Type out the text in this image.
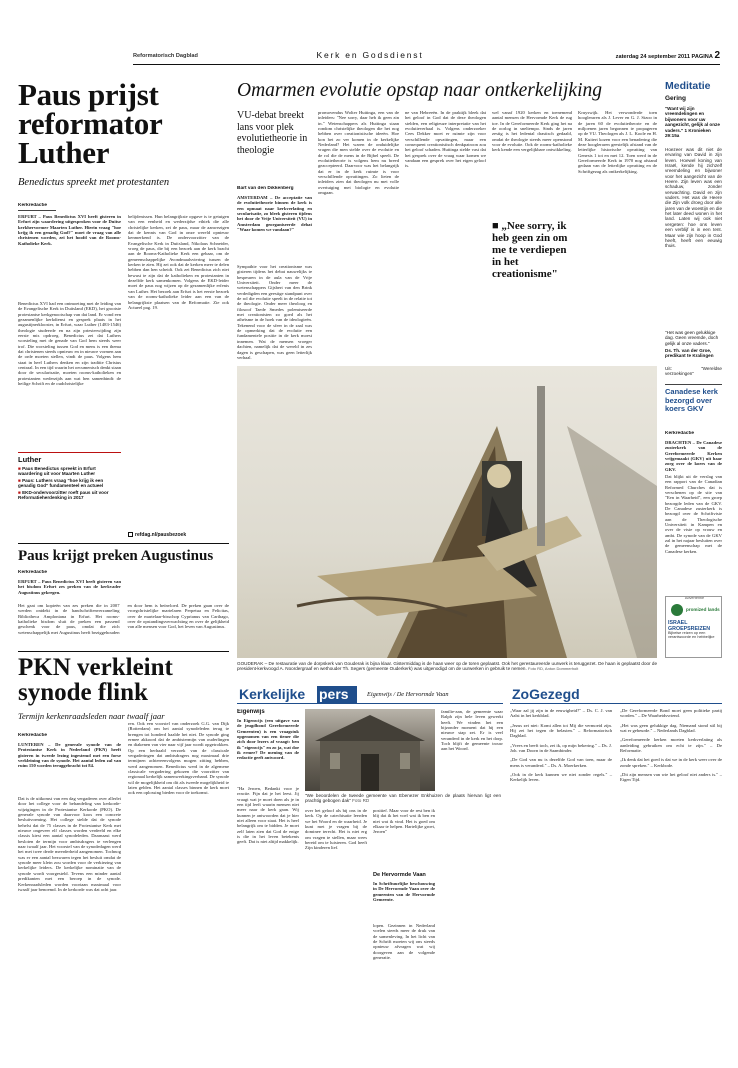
Reformatorisch Dagblad	Kerk en Godsdienst	zaterdag 24 september 2011 PAGINA 2
Paus prijst reformator Luther
Benedictus spreekt met protestanten
Kerkredactie
ERFURT – Paus Benedictus XVI heeft gisteren in Erfurt zijn waardering uitgesproken voor de Duitse kerkhervormer Maarten Luther. Hierin vraag "hoe krijg ik een genadig God?" moet de vraag van alle christenen worden, zei het hoofd van de Rooms-Katholieke Kerk.
Benedictus XVI had een ontmoeting met de leiding van de Evangelische Kerk in Duitsland (EKD), het grootste protestantse kerkgenootschap van dat land. Er vond een gezamenlijke kerkdienst en gesprek plaats in het augustijnerklooster, in Erfurt, waar Luther (1483-1546) theologie studeerde en na zijn priesterwijding zijn eerste mis opdroeg. Benedictus zei dat Luthers worsteling met de genade van God hem steeds weer trof. Die worsteling tussen God en mens is een thema dat christenen steeds opnieuw en in nieuwe vormen aan de orde moeten stellen, vindt de paus. Volgens hem staat in heel Luthers denken en zijn traditie Christus centraal. In een tijd waarin het oecumenisch denkt staan door de secularisatie, moeten rooms-katholieken en protestanten wederzijds aan wat hen samenbindt: de heilige Schrift en de oudchristelijke
belijdenissen. Hun belangrijkste opgave is te getuigen van een eenheid en wederzijdse ethiek die alle christelijke kerken, zei de paus, maar de aanwezigen dat de kennis van God in onze wereld opnieuw kenmerkend is. De ondervoorzitter van de Evangelische Kerk in Duitsland, Nikolaus Schneider, vroeg de paus, die bij een bezoek aan de kerk bracht aan de Rooms-Katholieke Kerk een gebaar, om de gemeenschappelijke Avondmaalsviering tussen de kerken te zien. Hij zei ook dat de kerken meer te delen hebben dan hen scheidt. Ook zei Benedictus zich niet bewust te zijn dat de katholieken en protestanten in dezelfde kerk samenkomen. Volgens de EKD-leider moet de paus nog wijzen op de gezamenlijke erfenis van Luther. Het bezoek aan Erfurt is het eerste bezoek van de rooms-katholieke leider aan een van de belangrijkste plaatsen van de Reformatie. Zie ook Actueel pag. 19.
Luther
■ Paus Benedictus spreekt in Erfurt waardering uit voor Maarten Luther
■ Paus: Luthers vraag "hoe krijg ik een genadig God" fundamenteel en actueel
■ EKD-ondervoorzitter roeft paus uit voor Reformatieherdenking in 2017
refdag.nl/pausbezoek
Paus krijgt preken Augustinus
Kerkredactie
ERFURT – Paus Benedictus XVI heeft gisteren van het bisdom Erfurt zes preken van de kerkvader Augustinus gekregen.
Het gaat om kopieën van zes preken die in 2007 werden ontdekt in de handschriftenverzameling Bibliotheca Amploniana in Erfurt. Het rooms-katholieke bisdom sluit de preken een passend geschenk voor de paus, omdat die zich wetenschappelijk met Augustinus heeft beziggehouden en door hem is beïnvloed. De preken gaan over de vroegchristelijke martelaren Perpetua en Felicitas, over de martelaar-bisschop Cyprianus van Carthago, over de opstandingsverwachting en over de gelijkheid van alle mensen voor God, het leven van Augustinus.
PKN verkleint synode flink
Termijn kerkenraadsleden naar twaalf jaar
Kerkredactie
LUNTEREN – De generale synode van de Protestantse Kerk in Nederland (PKN) heeft gisteren in tweede lezing ingestemd met een forse verkleining van de synode. Het aantal leden zal van ruim 150 worden teruggebracht tot 84.
Dat is de uitkomst van een dag vergaderen over allerlei door het college voor de behandeling van kerkorde-wijzigingen in de Protestantse Kerkorde (PKO). De generale synode van daarvoor koos een concrete besluitvorming. Het college stelde dat de synode behelst dat de 75 classes in de Protestantse Kerk met nieuwe ongeveer elf classes worden verdeeld en elke classis kiest een aantal synodeleden. Daarnaast werd besloten de termijn voor ambtsdragers te verlengen naar twaalf jaar. Het voorstel van de synodedagen werd het met twee derde meerderheid aangenomen. Tochnog was er een aantal bezwaren tegen het besluit omdat de synode meer klein zou worden voor de verkiezing van kerkelijke leiders. De kerkelijke nominatie van de synode wordt voorgesteld. Tevens een minder aantal predikanten met een beroep in de synode. Kerkenraadsleden worden voortaan maximaal voor twaalf jaar benoemd. In de kerkorde was dat acht jaar.
ren. Ook een voorstel van onderzoek G.G. van Dijk (Rotterdam) om het aantal synodeleden terug te brengen tot honderd haalde het niet. De synode ging ermee akkoord dat de ambtstermijn van ouderlingen en diakenen van vier naar vijf jaar wordt opgetrokken. Op een herhaald verzoek van de classicale vergaderingen dat ambtsdragers nog maximaal drie termijnen achtereenvolgens mogen zitting hebben, werd aangenomen. Benedictus werd in de algemene classicale vergadering gekozen die voorzitter van regionaal kerkelijk samenwerkingsverband. De synode wil de mogelijkheid om dit als tweede mogelijkheid te laten gelden. Het aantal classes binnen de kerk moet ook een oplossing bieden voor de toekomst.
Omarmen evolutie opstap naar ontkerkelijking
VU-debat breekt lans voor plek evolutietheorie in theologie
Bart van den Dikkenberg
AMSTERDAM – De acceptatie van de evolutietheorie binnen de kerk is een opmaat naar kerkverlating en secularisatie, zo bleek gisteren tijdens het door de Vrije Universiteit (VU) in Amsterdam georganiseerde debat "Waar komen we vandaan?"
Sympathie voor het creationisme was gisteren tijdens het debat nauwelijks te bespeuren in de aula van de Vrije Universiteit. Onder meer de wetenschappers Gijsbert van den Brink verdedigden een geestige standpunt over de rol die evolutie speelt in de relatie tot de theologie. Onder meer theoloog en filosoof Taede Smedes polemiseerde met creationisten zo goed als het atheïsme in de hoek van de ideologieën. Tekenend voor de sfeer in de zaal was de opmerking dat de evolutie een fundamentele positie in de kerk moest innemen. Wat de mensen vroeger dachten, namelijk dat de wereld in zes dagen is geschapen, was geen letterlijk verhaal.
promovendus Wolter Huttinga, een van de inleiders: "Nee sorry, daar heb ik geen zin in." Wetenschappers als Huttinga staan rondom christelijke theologen die het nog hebben over creationistische ideeën. Hoe kon het zo ver komen in de kerkelijke Nederland? Het waren de onduidelijke vragen die men stelde over de evolutie en de rol die de mens in de Bijbel speelt. De evolutietheorie is volgens hem nu breed geaccepteerd. Daarvoor was het belangrijk dat er in de kerk ruimte is voor verschillende opvattingen. Zo lieten de inleiders zien dat theologen nu met volle overtuiging met biologie en evolutie omgaan.
ne van Hebreeën. In de praktijk bleek dat het geloof in God dat de deze theologen stelden, een religieuze interpretatie van het evolutieverhaal is. Volgens onderzoeker Cees Dekker moet er ruimte zijn voor verschillende opvattingen, maar een consequent creationistisch denkpatroon zou het geloof schaden. Huttinga stelde vast dat het gesprek over de vraag waar komen we vandaan een gesprek over het eigen geloof is.
wel vanaf 1920 kerken en toenemend aantal mensen de Hervormde Kerk de rug toe. In de Gereformeerde Kerk ging het na de oorlog in sneltempo. Sinds de jaren zestig is het ledental drastisch gedaald, omdat de theologie steeds meer openstond voor de evolutie. Ook de rooms-katholieke kerk kende een vergelijkbare ontwikkeling.
■ „Nee sorry, ik heb geen zin om me te verdiepen in het creationisme"
Kruyswijk. Het verwonderde toen hoogleraren als J. Lever en G. J. Sizoo in de jaren 60 de evolutietheorie en de miljoenen jaren begonnen te propageren op de VU. Theologen als J. L. Koole en H. M. Kuitert kozen voor een benadering die deze hoogleraren geestelijk afstand van de letterlijke historische opvatting van Genesis 1 tot en met 12. Toen werd in de Gereformeerde Kerk in 1970 nog afstand gedaan van de letterlijke opvatting en de Schriftgezag als ontkerkelijking.
GOUDERAK – De restauratie van de dorpskerk van Gouderak is bijna klaar. Gistermiddag is de haan weer op de toren geplaatst. Ook het gerestaureerde uurwerk is teruggezet. De haan is geplaatst door de president-kerkvoogd A. Noordergraaf en wethouder Th. Segers (gemeente Ouderkerk) was uitgenodigd om de uurwerken in gebruik te nemen. Foto RD, Anton Dommerholt
Meditatie
Gering
"Want wij zijn vreemdelingen en bijwoners voor uw aangezicht, gelijk al onze vaders." 1 Kronieken 29:15a
Hoezeer was dit niet de ervaring van David in zijn leven. Hoewel koning van Israël, kende hij zichzelf vreemdeling en bijwoner voor het aangezicht van de Heere. Zijn leven was een schaduw, zonder verwachting. David en zijn vaders. Het was de Heere die Zijn volk droeg door alle jaren van de woestijn en die het later deed wonen in het land. Laten wij ook niet vergeten: hoe ons leven een verblijf is in een tent. Maar wie zijn hoop in God heeft, heeft een eeuwig thuis.
"Het was geen gelukkige dag. Geen vreemde, doch gelijk al onze vaders."
Ds. Th. van der Groe, predikant te Kralingen
Uit: "Wereldse verzoekingen"
Canadese kerk bezorgd over koers GKV
Kerkredactie
DRACHTEN – De Canadese zusterkerk van de Gereformeerde Kerken vrijgemaakt (GKV) uit haar zorg over de koers van de GKV.
Dat blijkt uit de verslag van een rapport van de Canadian Reformed Churches dat is verschenen op de site van "Een in Waarheid", een groep bezorgde leden van de GKV. De Canadese zusterkerk is bezorgd over de Schriftvisie aan de Theologische Universiteit in Kampen en over de visie op vrouw en ambt. De synode van de GKV zal in het najaar besluiten over de gemeenschap met de Canadese kerken.
Advertentie
promized lands
ISRAËL GROEPSREIZEN
Bijbelse reizen op een verantwoorde en hebbelijke
Kerkelijke pers	Eigenwijs / De Hervormde Vaan
Eigenwijs
In Eigenwijs (een uitgave van de jeugdbond Gereformeerde Gemeenten) is een vraagstuk opgenomen van een tiener die zich door lezers af vraagt: ben ik "eigenwijs" en zo ja, wat doe ik ermee? De mening van de redactie geeft antwoord.
"Ha Jeroen, Bedankt voor je reactie. Fijn dat je het leest. Jij vraagt wat je moet doen als je in een tijd leeft waarin mensen niet meer naar de kerk gaan. Wij kunnen je antwoorden dat je hier niet alleen voor staat. Het is heel belangrijk om te bidden. Je moet zelf laten zien dat God de enige is die in het leven betekenis geeft. Dat is niet altijd makkelijk.
"We beoordelen de tweede gemeente van Ebenezer Enkhuizen de plaats hiervan ligt een prachtig gebogen dak" Foto RD
over het geloof als bij ons in de kerk. Op de catechisatie leerden we het Woord en de waarheid. Je kunt met je vragen bij de dominee terecht. Het is niet erg om vragen te stellen, maar wees bereid om te luisteren. God heeft Zijn kinderen lief.
positief. Maar voor de rest ben ik blij dat ik het voel wat ik ben en niet wat ik vind. Het is goed om elkaar te helpen. Hartelijke groet, Jeroen"
De Hervormde Vaan
In Schriftuurlijke beschouwing in De Hervormde Vaan over de gemeenten van de Hervormde Gemeente.
lopen. Gezinnen in Nederland voelen steeds meer de druk van de samenleving. In het licht van de Schrift moeten wij ons steeds opnieuw afvragen wat wij doorgeven aan de volgende generatie.
familie-aan, de gemeente waar Ralph zijn hele leven gewerkt heeft. We vinden het een bijzonder moment dat hij een nieuwe stap zet. Er is veel veranderd in de kerk en het dorp. Toch blijft de gemeente trouw aan het Woord.
ZoGezegd
„Waar zal jij zijn in de eeuwigheid?" – Ds. C. J. van Aalst in het kerkblad.
„Jezus zei niet: Komt allen tot Mij die vermoeid zijn. Hij zei het tegen de belasten." – Reformatorisch Dagblad.
„Vrees en beeft toch, zei ik, op mijn bekering." – Ds. J. Joh. van Doorn in de Saambinder.
„De God van nu is dezelfde God van toen, maar de mens is veranderd." – Ds. A. Moerkerken.
„Ook in de kerk kunnen we niet zonder regels." – Kerkelijk leven.
„De Gereformeerde Bond moet geen politieke partij worden." – De Waarheidsvriend.
„Het was geen gelukkige dag. Niemand stond stil bij wat er gebeurde." – Nederlands Dagblad.
„Gereformeerde kerken moeten kerkverlating als aanleiding gebruiken om echt te zijn." – De Reformatie.
„Ik denk dat het goed is dat we in de kerk weer over de zonde spreken." – Kerkbode.
„Dit zijn mensen van wie het geloof niet anders is." – Eigen Tijd.
